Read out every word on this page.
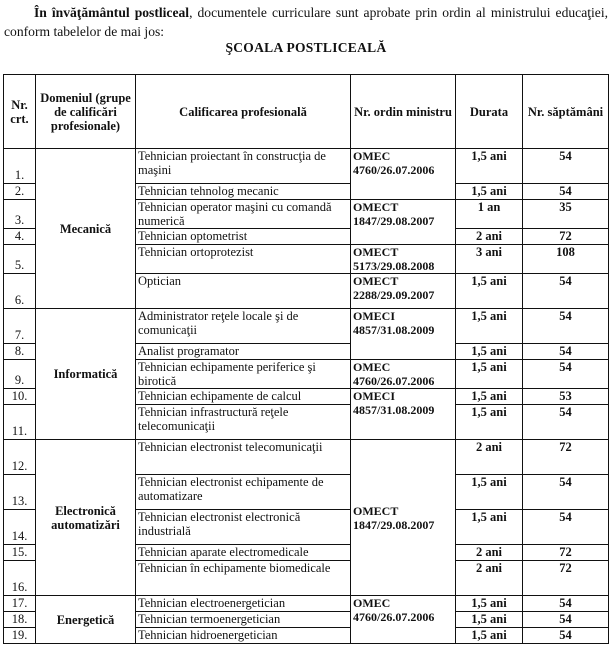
În învăţământul postliceal, documentele curriculare sunt aprobate prin ordin al ministrului educaţiei, conform tabelelor de mai jos:
ŞCOALA POSTLICEALĂ
Nr. crt.	Domeniul (grupe de calificări profesionale)	Calificarea profesională	Nr. ordin ministru	Durata	Nr. săptămâni
1.	Mecanică	Tehnician proiectant în construcţia de maşini	OMEC 4760/26.07.2006	1,5 ani	54
2.		Tehnician tehnolog mecanic		1,5 ani	54
3.		Tehnician operator maşini cu comandă numerică	OMECT 1847/29.08.2007	1 an	35
4.		Tehnician optometrist		2 ani	72
5.		Tehnician ortoprotezist	OMECT 5173/29.08.2008	3 ani	108
6.		Optician	OMECT 2288/29.09.2007	1,5 ani	54
7.	Informatică	Administrator reţele locale şi de comunicaţii	OMECI 4857/31.08.2009	1,5 ani	54
8.		Analist programator		1,5 ani	54
9.		Tehnician echipamente periferice şi birotică	OMEC 4760/26.07.2006	1,5 ani	54
10.		Tehnician echipamente de calcul	OMECI 4857/31.08.2009	1,5 ani	53
11.		Tehnician infrastructură reţele telecomunicaţii		1,5 ani	54
12.	Electronică automatizări	Tehnician electronist telecomunicaţii	OMECT 1847/29.08.2007	2 ani	72
13.		Tehnician electronist echipamente de automatizare		1,5 ani	54
14.		Tehnician electronist electronică industrială		1,5 ani	54
15.		Tehnician aparate electromedicale		2 ani	72
16.		Tehnician în echipamente biomedicale		2 ani	72
17.	Energetică	Tehnician electroenergetician	OMEC 4760/26.07.2006	1,5 ani	54
18.		Tehnician termoenergetician		1,5 ani	54
19.		Tehnician hidroenergetician		1,5 ani	54
